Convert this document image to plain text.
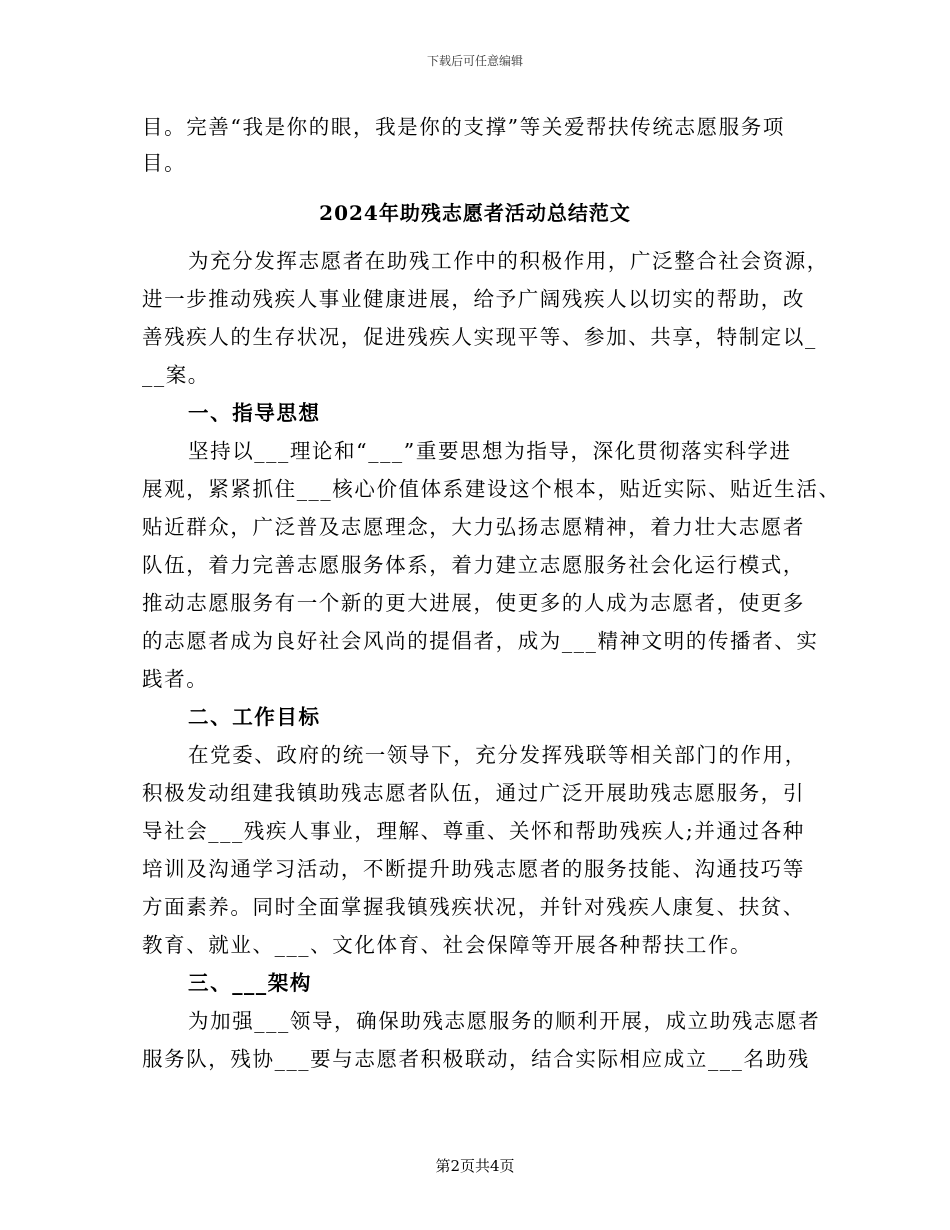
下载后可任意编辑
目。完善“我是你的眼，我是你的支撑”等关爱帮扶传统志愿服务项
目。
2024年助残志愿者活动总结范文
为充分发挥志愿者在助残工作中的积极作用，广泛整合社会资源，
进一步推动残疾人事业健康进展，给予广阔残疾人以切实的帮助，改
善残疾人的生存状况，促进残疾人实现平等、参加、共享，特制定以_
__案。
一、指导思想
坚持以___理论和“___”重要思想为指导，深化贯彻落实科学进
展观，紧紧抓住___核心价值体系建设这个根本，贴近实际、贴近生活、
贴近群众，广泛普及志愿理念，大力弘扬志愿精神，着力壮大志愿者
队伍，着力完善志愿服务体系，着力建立志愿服务社会化运行模式，
推动志愿服务有一个新的更大进展，使更多的人成为志愿者，使更多
的志愿者成为良好社会风尚的提倡者，成为___精神文明的传播者、实
践者。
二、工作目标
在党委、政府的统一领导下，充分发挥残联等相关部门的作用，
积极发动组建我镇助残志愿者队伍，通过广泛开展助残志愿服务，引
导社会___残疾人事业，理解、尊重、关怀和帮助残疾人;并通过各种
培训及沟通学习活动，不断提升助残志愿者的服务技能、沟通技巧等
方面素养。同时全面掌握我镇残疾状况，并针对残疾人康复、扶贫、
教育、就业、___、文化体育、社会保障等开展各种帮扶工作。
三、___架构
为加强___领导，确保助残志愿服务的顺利开展，成立助残志愿者
服务队，残协___要与志愿者积极联动，结合实际相应成立___名助残
第2页共4页
